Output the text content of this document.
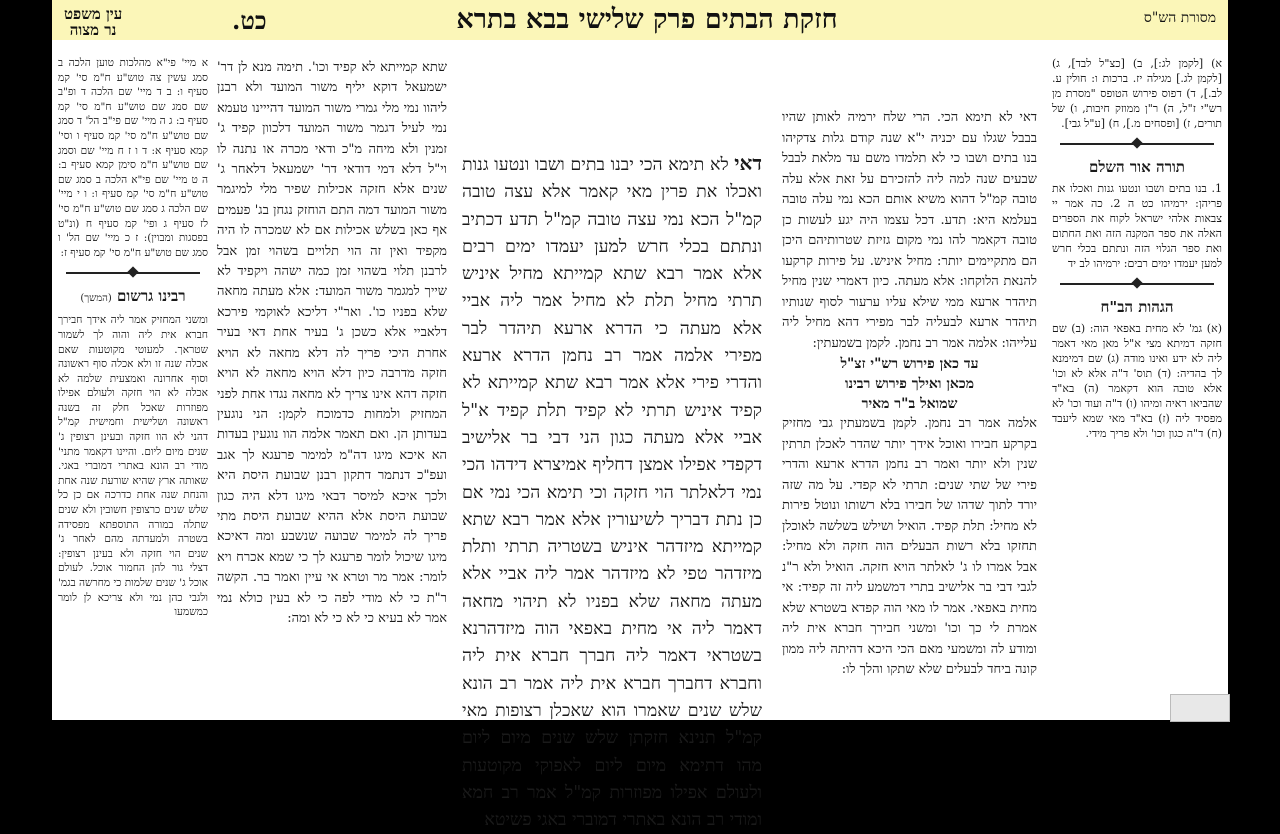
עין משפט
נר מצוה	כט.	חזקת הבתים פרק שלישי בבא בתרא	מסורת הש"ס

א) [לקמן לג:], ב) [כצ"ל לבד], ג) [לקמן לג.] מגילה יז. ברכות ו: חולין ע. לב.], ד) דפוס פירוש הטופס "מסרת מן רש"י ז"ל, ה) ר"ן ממוזק חיבות, ו) של תורים, ז) [ופסחים מ.], ח) [ע"ל גבי].

תורה אור השלם

1. בנו בתים ושבו ונטעו גנות ואכלו את פריהן: ירמיהו כט ה 2. כה אמר יי צבאות אלהי ישראל לקוח את הספרים האלה את ספר המקנה הזה ואת החתום ואת ספר הגלוי הזה ונתתם בכלי חרש למען יעמדו ימים רבים: ירמיהו לב יד

הגהות הב"ח

(א) גמ' לא מחית באפאי הוה: (ב) שם חזקה דמיתא מצי א"ל מאן מאי דאמר ליה לא ידע ואינו מודה (ג) שם דמימנא לך בהדיה: (ד) תוס' ד"ה אלא לא וכו' אלא טובה הוא דקאמר (ה) בא"ד שהביאו ראיה ומיהו (ו) ד"ה ועוד וכו' לא מפסיד ליה (ז) בא"ד מאי שמא ליעבד (ח) ד"ה כגון וכו' ולא פריך מידי.

דאי לא תימא הכי. הרי שלח ירמיה לאותן שהיו בבבל שגלו עם יכניה י"א שנה קודם גלות צדקיהו בנו בתים ושבו כי לא תלמדו משם עד מלאת לבבל שבעים שנה למה ליה להזכירם על זאת אלא עלה טובה קמ"ל דהוא משיא אותם הכא נמי עלה טובה בעלמא היא: תדע. דכל עצמו היה יגע לעשות כן טובה דקאמר להו נמי מקום גזיזת שטרותיהם היכן הם מתקיימים יותר: מחיל איניש. על פירות קרקעו להנאת הלוקחו: אלא מעתה. כיון דאמרי שנין מחיל תיהדר ארעא ממי שילא עליו ערעור לסוף שנותיו תיהדר ארעא לבעליה לבר מפירי דהא מחיל ליה עלייהו: אלמה אמר רב נחמן. לקמן בשמעתין:

עד כאן פירוש רש"י זצ"ל
מכאן ואילך פירוש רבינו
שמואל ב"ר מאיר

אלמה אמר רב נחמן. לקמן בשמעתין גבי מחזיק בקרקע חבירו ואוכל אידך יותר שהדר לאכלן תרתין שנין ולא יותר ואמר רב נחמן הדרא ארעא והדרי פירי של שתי שנים: תרתי לא קפדי. על מה שזה יורד לתוך שדהו של חבירו בלא רשותו ונוטל פירות לא מחיל: תלת קפיד. הואיל ושילש בשלשה לאוכלן תחזקו בלא רשות הבעלים הוה חזקה ולא מחיל: אבל אמרו לו ג' לאלתר הויא חזקה. הואיל ולא ר"נ לגבי דבי בר אלישיב בתרי דמשמע ליה זה קפיד: אי מחית באפאי. אמר לו מאי הוה קפדא בשטרא שלא אמרת לי כך וכו' ומשני חבירך חברא אית ליה ומודע לה ומשמעי מאם הכי היכא דהיתה ליה ממון קונה ביחד לבעלים שלא שתקו והלך לו:

דאי לא תימא הכי יבנו בתים ושבו ונטעו גנות ואכלו את פרין מאי קאמר אלא עצה טובה קמ"ל הכא נמי עצה טובה קמ"ל תדע דכתיב ונתתם בכלי חרש למען יעמדו ימים רבים אלא אמר רבא שתא קמייתא מחיל איניש תרתי מחיל תלת לא מחיל אמר ליה אביי אלא מעתה כי הדרא ארעא תיהדר לבר מפירי אלמה אמר רב נחמן הדרא ארעא והדרי פירי אלא אמר רבא שתא קמייתא לא קפיד איניש תרתי לא קפיד תלת קפיד א"ל אביי אלא מעתה כגון הני דבי בר אלישיב דקפדי אפילו אמצן דחליף אמיצרא דידהו הכי נמי דלאלתר הוי חזקה וכי תימא הכי נמי אם כן נתת דבריך לשיעורין אלא אמר רבא שתא קמייתא מיזדהר איניש בשטריה תרתי ותלת מיזדהר טפי לא מיזדהר אמר ליה אביי אלא מעתה מחאה שלא בפניו לא תיהוי מחאה דאמר ליה אי מחית באפאי הוה מיזדהרנא בשטראי דאמר ליה חברך חברא אית ליה וחברא דחברך חברא אית ליה אמר רב הונא שלש שנים שאמרו הוא שאכלן רצופות מאי קמ"ל תנינא חזקתן שלש שנים מיום ליום מהו דתימא מיום ליום לאפוקי מקוטעות ולעולם אפילו מפוזרות קמ"ל אמר רב חמא ומודי רב הונא באתרי דמוברי באגי פשיטא

שתא קמייתא לא קפיד וכו'. תימה מנא לן דר' ישמעאל דוקא יליף משור המועד ולא רבנן ליהוו נמי מלי גמרי משור המועד דהייינו טעמא נמי לעיל דגמר משור המועד דלכוון קפיד ג' זמנין ולא מיחה מ"כ ודאי מכרה או נתנה לו וי"ל דלא דמי דודאי דר' ישמעאל דלאחר ג' שנים אלא חזקה אכילות שפיר מלי למיגמר משור המועד דמה התם הוחזק נגחן בג' פעמים אף כאן בשלש אכילות אם לא שמכרה לו היה מקפיד ואין זה הוי תלויים בשהוי זמן אבל לרבנן תלוי בשהוי זמן כמה ישהה ויקפיד לא שייך למגמר משור המועד: אלא מעתה מחאה שלא בפניו כו'. ואר"י דליכא לאוקמי פירכא דלאביי אלא כשכן ג' בעיר אחת דאי בעיר אחרת היכי פריך לה דלא מחאה לא הויא חזקה מדרבה כיון דלא הויא מחאה לא הויא חזקה דהא אינו צריך לא מחאה נגדו אחת לפני המחזיק ולמחות כדמוכח לקמן: הני נוגעין בעדותן הן. ואם תאמר אלמה הוו נוגעין בעדות הא איכא מיגו דה"מ למימר פרעגא לך אגב ועפ"כ דנתמר דתקון רבנן שבועת היסת היא ולכך איכא למיסר דבאי מיגו דלא היה כגון שבועת היסת אלא ההיא שבועת היסת מתי פריך לה למימר שבועה שנשבע ומה דאיכא מיגו שיכול לומר פרעגא לך כי שמא אכרח ויא לומר: אמר מר וטרא אי עיין ואמר בר. הקשה ר"ת כי לא מודי לפה כי לא בעין כולא נמי אמר לא בעיא כי לא כי לא ומה:

א מיי' פי"א מהלכות טוען הלכה ב סמג עשין צה טוש"ע ח"מ סי' קמ סעיף ו: ב ד מיי' שם הלכה ד ופ"ב שם סמג שם טוש"ע ח"מ סי' קמ סעיף ב: ג ה מיי' שם פי"ב הל' ד סמג שם טוש"ע ח"מ סי' קמ סעיף ו וסי' קמא סעיף א: ד ו ז ח מיי' שם וסמג שם טוש"ע ח"מ סימן קמא סעיף ב: ה ט מיי' שם פי"א הלכה ב סמג שם טוש"ע ח"מ סי' קמ סעיף ו: ו י מיי' שם הלכה ג סמג שם טוש"ע ח"מ סי' לז סעיף ג ופי' קמ סעיף ח (ונ"ט בפסגות ומבוין): ז כ מיי' שם הל' ו סמג שם טוש"ע ח"מ סי' קמ סעיף ז:

רבינו גרשום (המשך)

ומשני המחזיק אמר ליה אידך חבירך חברא אית ליה והוה לך לשמור שטראך. למעוטי מקוטעות שאם אכלה שנה זו ולא אכלה סוף ראשונה וסוף אחרונה ואמצעית שלמה לא אכלה לא הוי חזקה ולעולם אפילו מפוזרות שאכל חלק זה בשנה ראשונה ושלישית וחמישית קמ"ל דהני לא הוו חזקה ובעינן רצופין ג' שנים מיום ליום. והיינו דקאמר מתני' מודי רב הונא באתרי דמוברי באגי. שאותה ארץ שהיא שורעת שנה אחת והנחת שנה אחת כדרכה אם כן כל שלש שנים כרצופין חשובין ולא שנים שתלה במורה התוספתא מפסידה בשטרה ולמעדתה מהם לאחר ג' שנים הוי חזקה ולא בעינן רצופין: דצלי גור להן החמור אוכל. לעולם אוכל ג' שנים שלמות כי מחרשה בגמ' ולגבי כהן נמי ולא צריכא לן לומר כמשמעו
